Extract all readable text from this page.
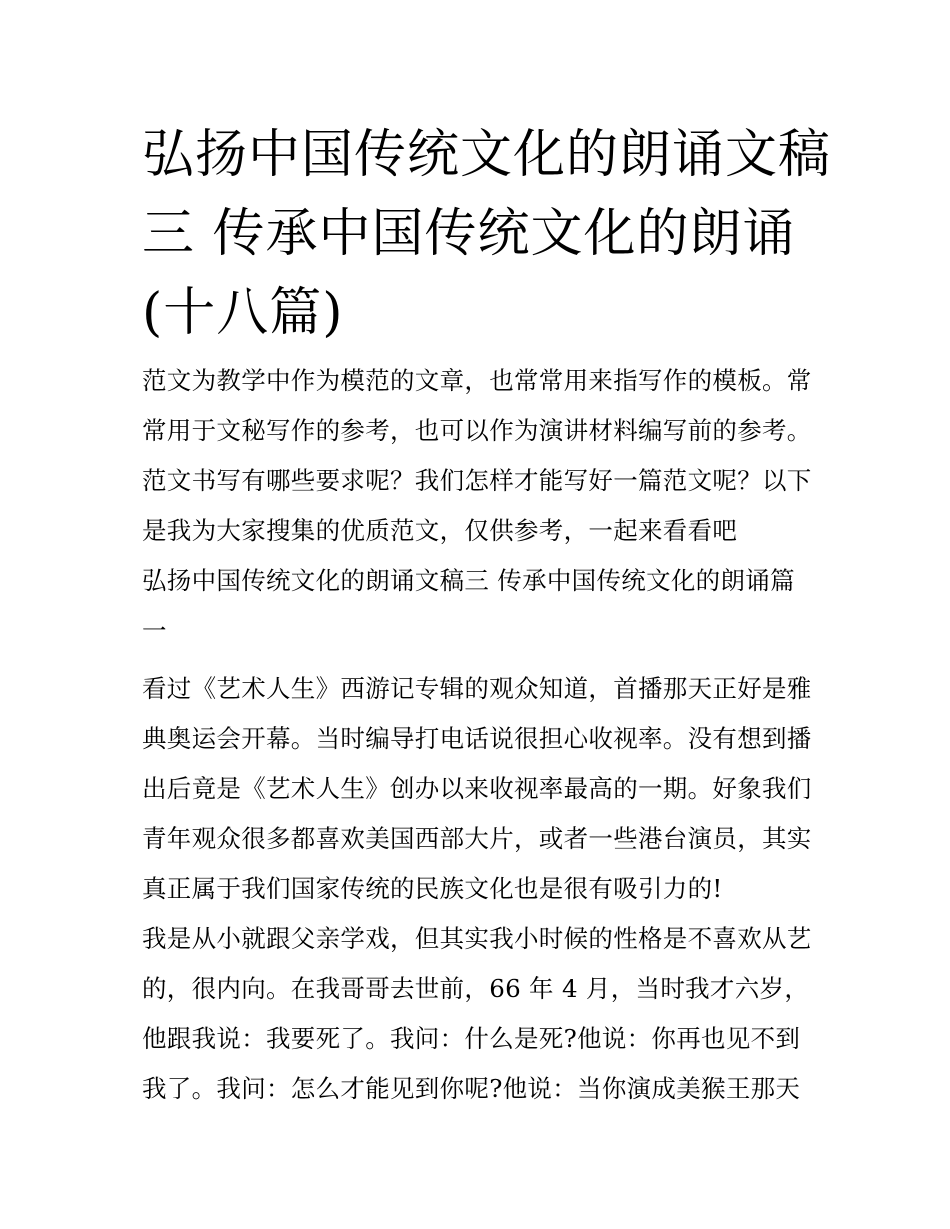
弘扬中国传统文化的朗诵文稿
三 传承中国传统文化的朗诵
(十八篇)
范文为教学中作为模范的文章，也常常用来指写作的模板。常
常用于文秘写作的参考，也可以作为演讲材料编写前的参考。
范文书写有哪些要求呢？我们怎样才能写好一篇范文呢？以下
是我为大家搜集的优质范文，仅供参考，一起来看看吧
弘扬中国传统文化的朗诵文稿三 传承中国传统文化的朗诵篇
一
看过《艺术人生》西游记专辑的观众知道，首播那天正好是雅
典奥运会开幕。当时编导打电话说很担心收视率。没有想到播
出后竟是《艺术人生》创办以来收视率最高的一期。好象我们
青年观众很多都喜欢美国西部大片，或者一些港台演员，其实
真正属于我们国家传统的民族文化也是很有吸引力的!
我是从小就跟父亲学戏，但其实我小时候的性格是不喜欢从艺
的，很内向。在我哥哥去世前，66 年 4 月，当时我才六岁，
他跟我说：我要死了。我问：什么是死?他说：你再也见不到
我了。我问：怎么才能见到你呢?他说：当你演成美猴王那天
